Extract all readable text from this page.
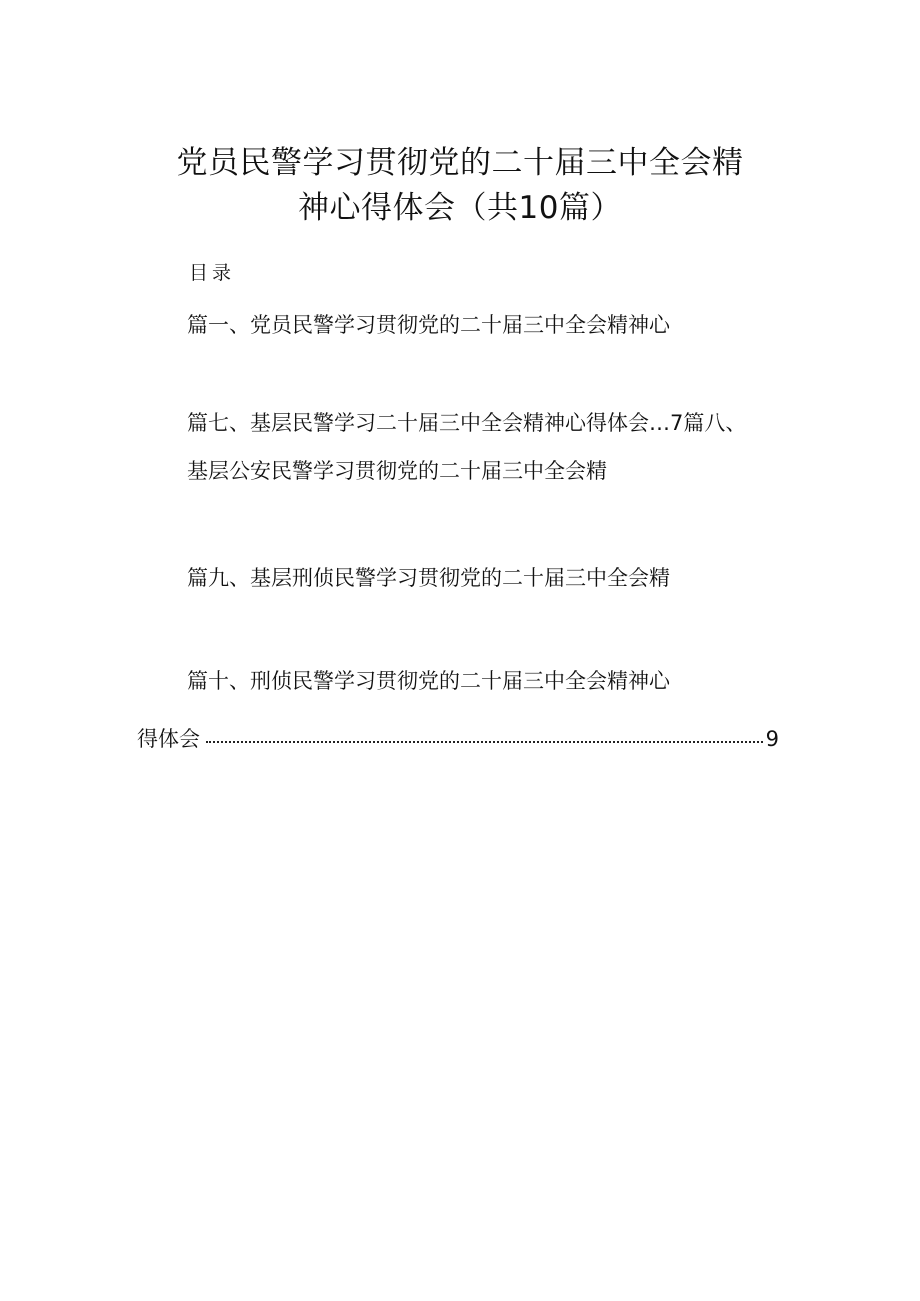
党员民警学习贯彻党的二十届三中全会精
神心得体会（共10篇）
目录
篇一、党员民警学习贯彻党的二十届三中全会精神心
篇七、基层民警学习二十届三中全会精神心得体会…7篇八、
基层公安民警学习贯彻党的二十届三中全会精
篇九、基层刑侦民警学习贯彻党的二十届三中全会精
篇十、刑侦民警学习贯彻党的二十届三中全会精神心
得体会	9
